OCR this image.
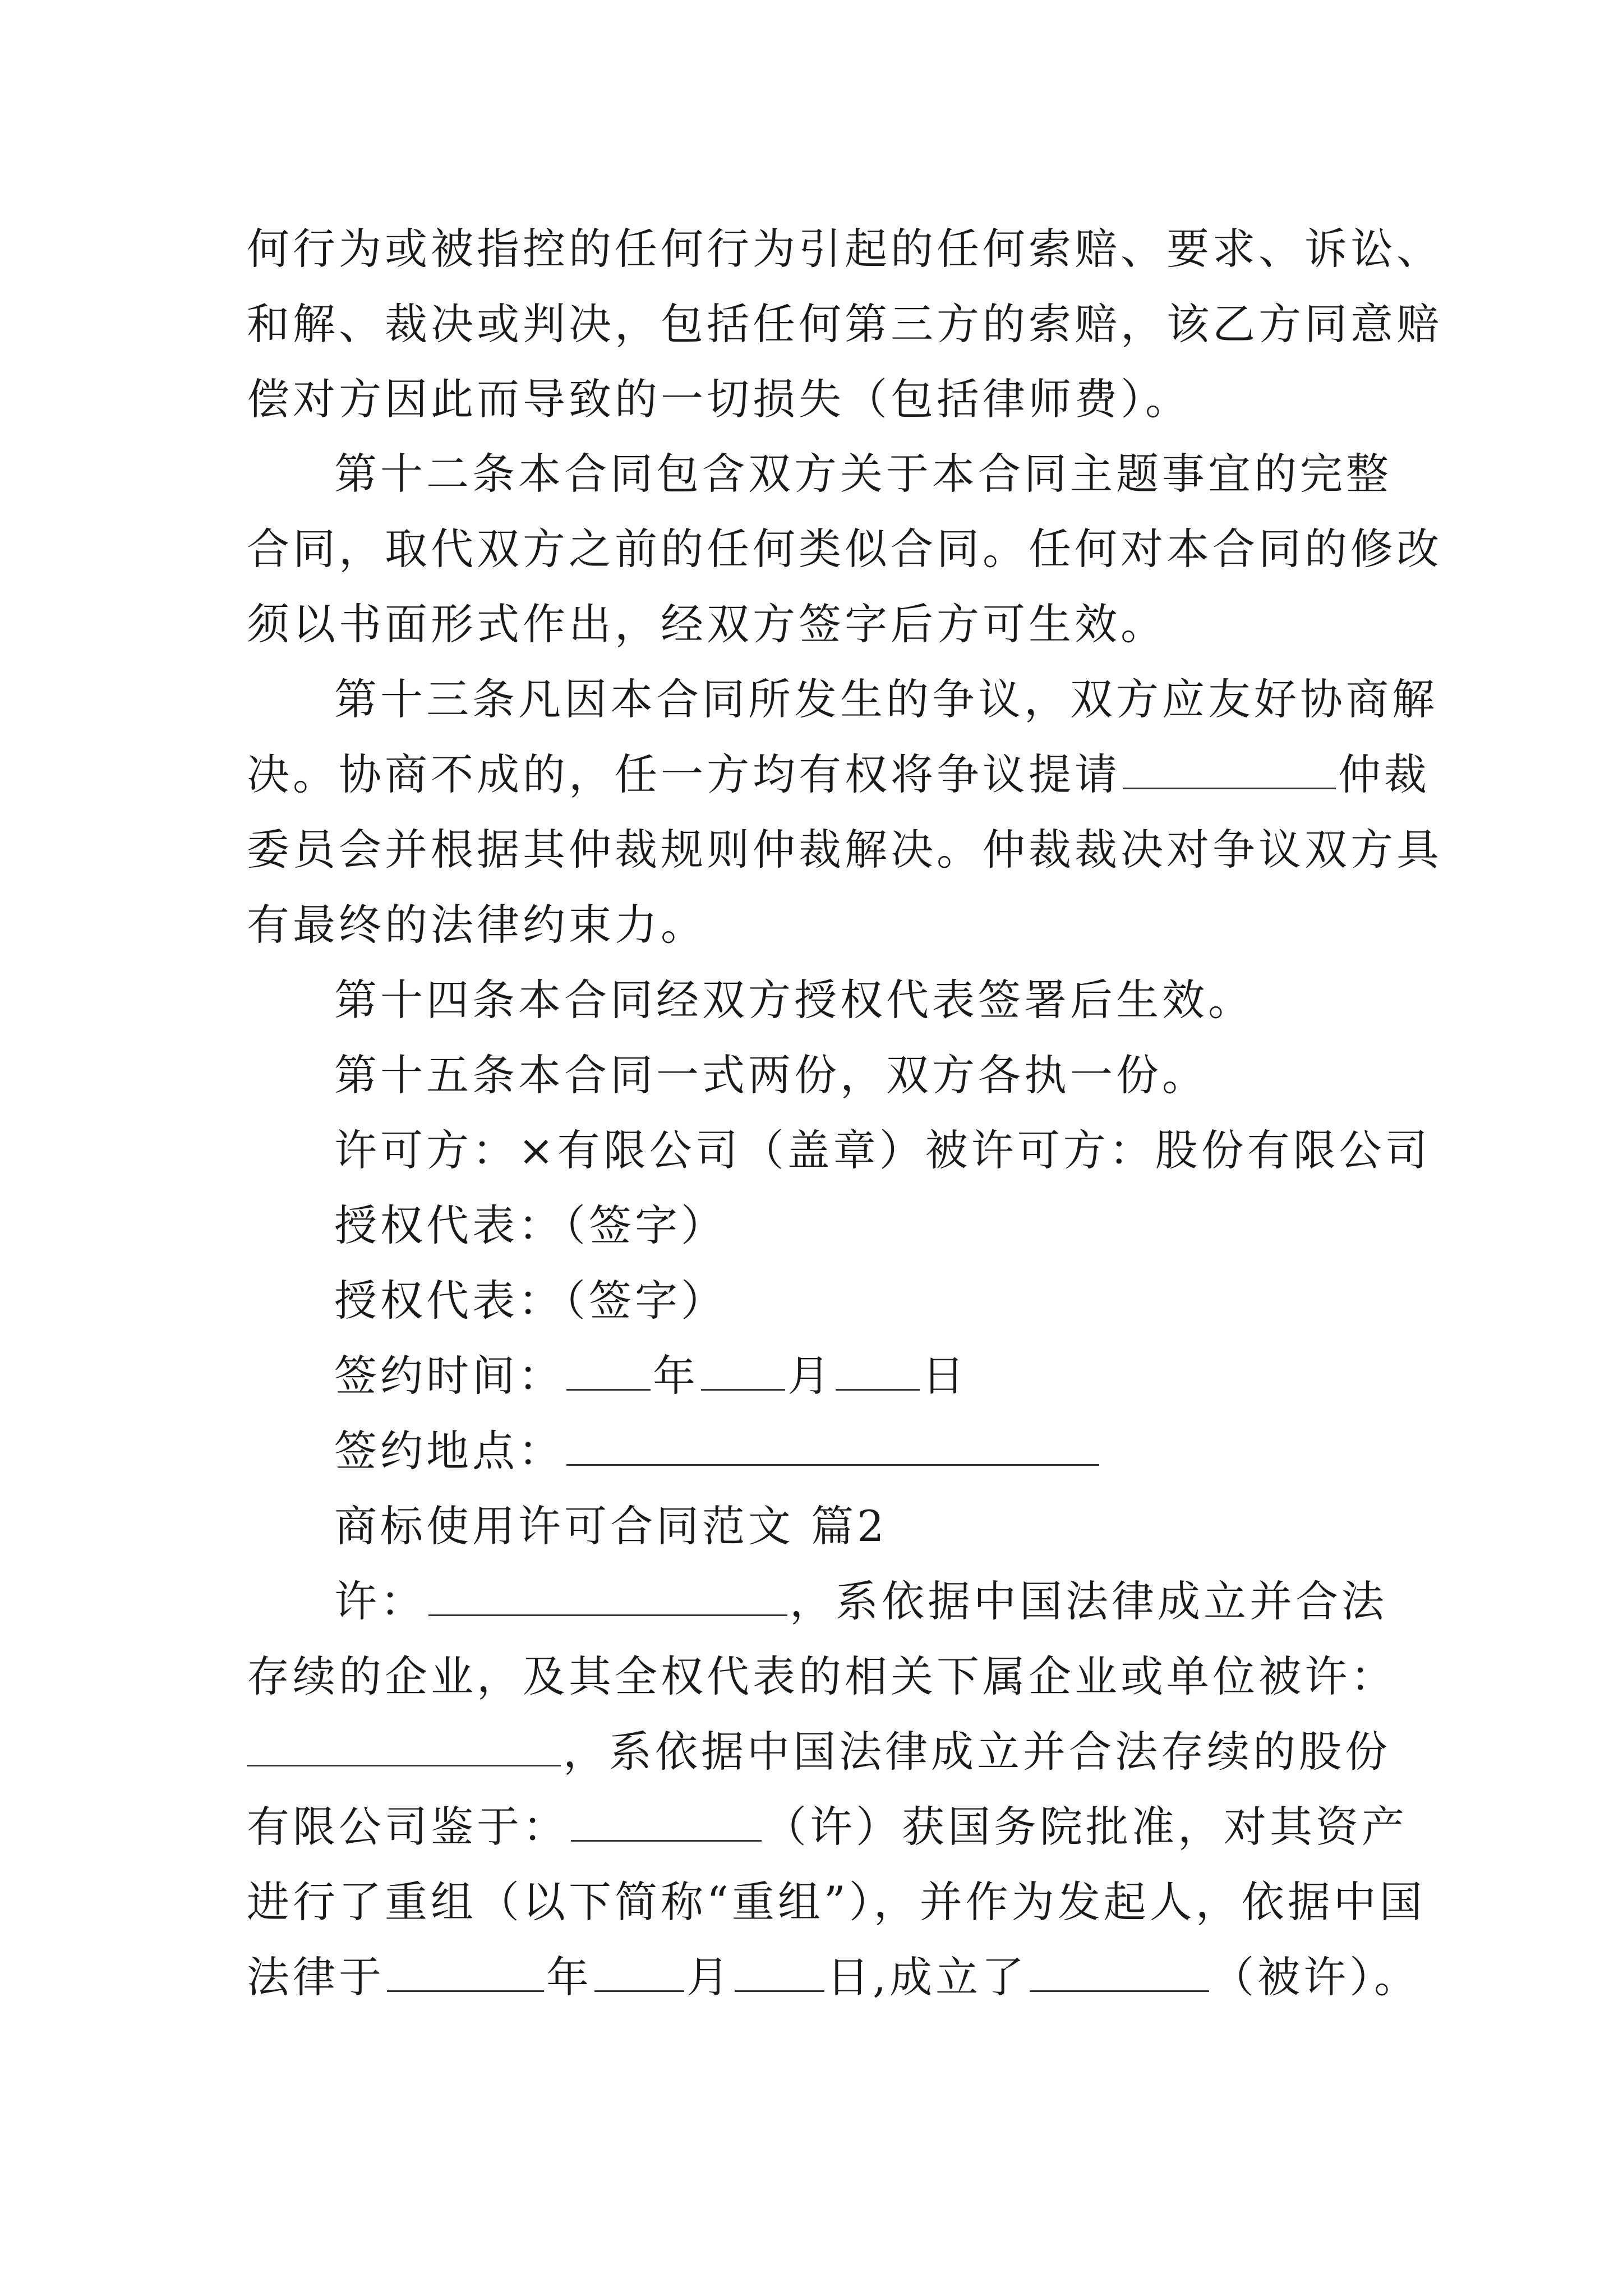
何行为或被指控的任何行为引起的任何索赔、要求、诉讼、
和解、裁决或判决，包括任何第三方的索赔，该乙方同意赔
偿对方因此而导致的一切损失（包括律师费）。
第十二条本合同包含双方关于本合同主题事宜的完整
合同，取代双方之前的任何类似合同。任何对本合同的修改
须以书面形式作出，经双方签字后方可生效。
第十三条凡因本合同所发生的争议，双方应友好协商解
决。协商不成的，任一方均有权将争议提请	仲裁
委员会并根据其仲裁规则仲裁解决。仲裁裁决对争议双方具
有最终的法律约束力。
第十四条本合同经双方授权代表签署后生效。
第十五条本合同一式两份，双方各执一份。
许可方：×有限公司（盖章）被许可方：股份有限公司
授权代表：（签字）
授权代表：（签字）
签约时间： 年 月 日
签约地点：
商标使用许可合同范文 篇2
许：	，系依据中国法律成立并合法
存续的企业，及其全权代表的相关下属企业或单位被许：
，系依据中国法律成立并合法存续的股份
有限公司鉴于：	（许）获国务院批准，对其资产
进行了重组（以下简称“重组”），并作为发起人，依据中国
法律于	年 月 日,成立了	（被许）。
